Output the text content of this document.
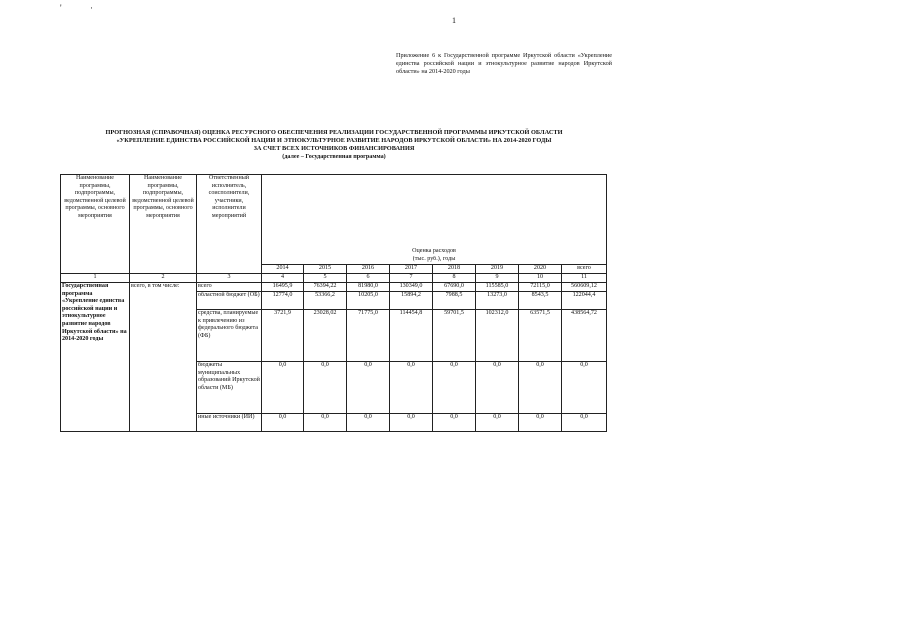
'	·
1
Приложение 6 к Государственной программе Иркутской области «Укрепление единства российской нации и этнокультурное развитие народов Иркутской области» на 2014-2020 годы
ПРОГНОЗНАЯ (СПРАВОЧНАЯ) ОЦЕНКА РЕСУРСНОГО ОБЕСПЕЧЕНИЯ РЕАЛИЗАЦИИ ГОСУДАРСТВЕННОЙ ПРОГРАММЫ ИРКУТСКОЙ ОБЛАСТИ
«УКРЕПЛЕНИЕ ЕДИНСТВА РОССИЙСКОЙ НАЦИИ И ЭТНОКУЛЬТУРНОЕ РАЗВИТИЕ НАРОДОВ ИРКУТСКОЙ ОБЛАСТИ» НА 2014-2020 ГОДЫ
ЗА СЧЕТ ВСЕХ ИСТОЧНИКОВ ФИНАНСИРОВАНИЯ
(далее – Государственная программа)
Наименование программы, подпрограммы, ведомственной целевой программы, основного мероприятия	Наименование программы, подпрограммы, ведомственной целевой программы, основного мероприятия	Ответственный исполнитель, соисполнители, участники, исполнители мероприятий	Оценка расходов							
			(тыс. руб.), годы							
			2014	2015	2016	2017	2018	2019	2020	всего
1	2	3	4	5	6	7	8	9	10	11
Государственная программа «Укрепление единства российской нации и этнокультурное развитие народов Иркутской области» на 2014-2020 годы	всего, в том числе:	всего	16495,9	76394,22	81980,0	130349,0	67690,0	115585,0	72115,0	560609,12
		областной бюджет (ОБ)	12774,0	53366,2	10205,0	15894,2	7988,5	13273,0	8543,5	122044,4
		средства, планируемые к привлечению из федерального бюджета (ФБ)	3721,9	23028,02	71775,0	114454,8	59701,5	102312,0	63571,5	438564,72
		бюджеты муниципальных образований Иркутской области (МБ)	0,0	0,0	0,0	0,0	0,0	0,0	0,0	0,0
		иные источники (ИИ)	0,0	0,0	0,0	0,0	0,0	0,0	0,0	0,0
